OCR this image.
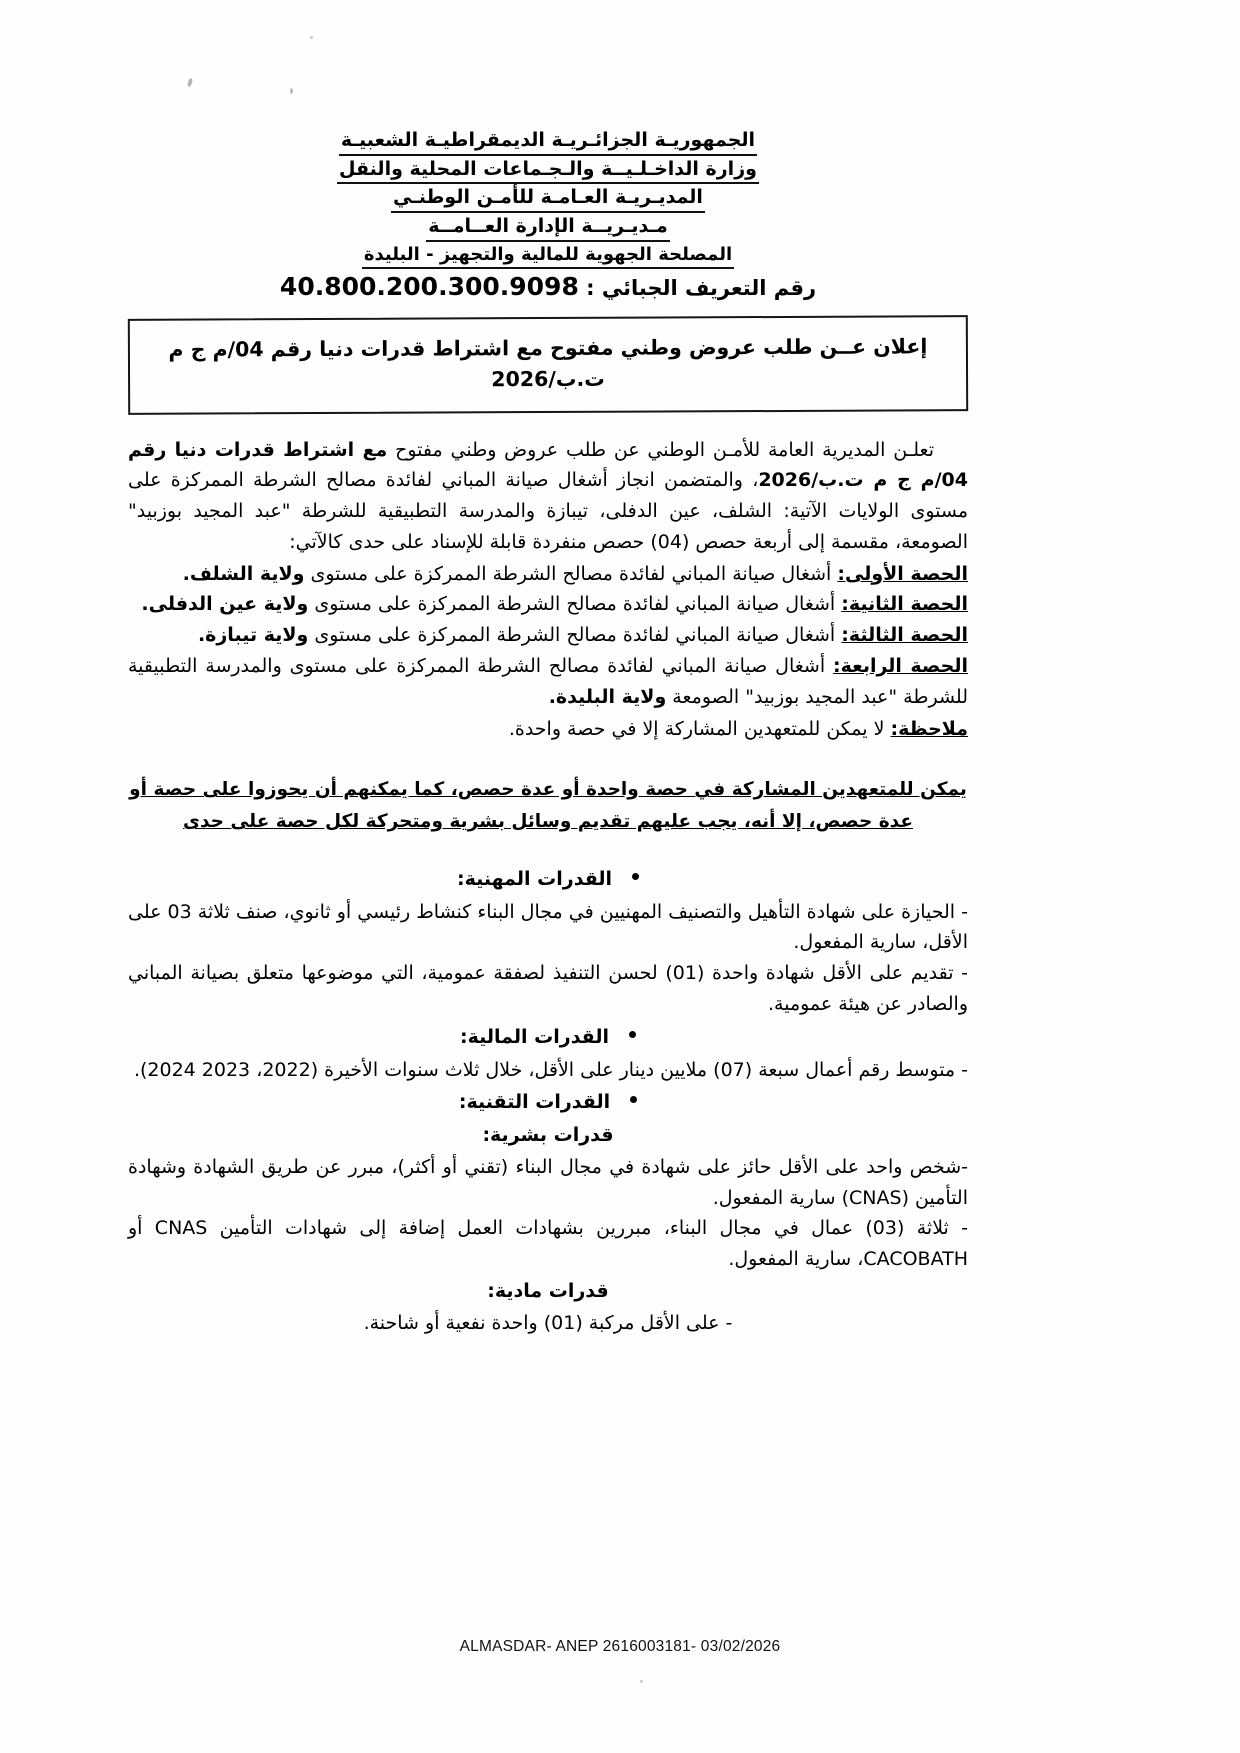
الجمهوريـة الجزائـريـة الديمقراطيـة الشعبيـة
وزارة الداخـلـيــة والـجـماعات المحلية والنقل
المديـريـة العـامـة للأمـن الوطنـي
مـديـريــة الإدارة العــامــة
المصلحة الجهوية للمالية والتجهيز - البليدة
رقم التعريف الجبائي : 40.800.200.300.9098
إعلان عــن طلب عروض وطني مفتوح مع اشتراط قدرات دنيا رقم 04/م ج م ت.ب/2026

تعلـن المديرية العامة للأمـن الوطني عن طلب عروض وطني مفتوح مع اشتراط قدرات دنيا رقم 04/م ج م ت.ب/2026، والمتضمن انجاز أشغال صيانة المباني لفائدة مصالح الشرطة الممركزة على مستوى الولايات الآتية: الشلف، عين الدفلى، تيبازة والمدرسة التطبيقية للشرطة "عبد المجيد بوزبيد" الصومعة، مقسمة إلى أربعة حصص (04) حصص منفردة قابلة للإسناد على حدى كالآتي:

الحصة الأولى: أشغال صيانة المباني لفائدة مصالح الشرطة الممركزة على مستوى ولاية الشلف.

الحصة الثانية: أشغال صيانة المباني لفائدة مصالح الشرطة الممركزة على مستوى ولاية عين الدفلى.

الحصة الثالثة: أشغال صيانة المباني لفائدة مصالح الشرطة الممركزة على مستوى ولاية تيبازة.

الحصة الرابعة: أشغال صيانة المباني لفائدة مصالح الشرطة الممركزة على مستوى والمدرسة التطبيقية للشرطة "عبد المجيد بوزبيد" الصومعة ولاية البليدة.

ملاحظة: لا يمكن للمتعهدين المشاركة إلا في حصة واحدة.

يمكن للمتعهدين المشاركة في حصة واحدة أو عدة حصص، كما يمكنهم أن يحوزوا على حصة أو عدة حصص، إلا أنه، يجب عليهم تقديم وسائل بشرية ومتحركة لكل حصة على حدى

القدرات المهنية:

- الحيازة على شهادة التأهيل والتصنيف المهنيين في مجال البناء كنشاط رئيسي أو ثانوي، صنف ثلاثة 03 على الأقل، سارية المفعول.

- تقديم على الأقل شهادة واحدة (01) لحسن التنفيذ لصفقة عمومية، التي موضوعها متعلق بصيانة المباني والصادر عن هيئة عمومية.

القدرات المالية:

- متوسط رقم أعمال سبعة (07) ملايين دينار على الأقل، خلال ثلاث سنوات الأخيرة (2022، 2023 2024).

القدرات التقنية:

قدرات بشرية:

-شخص واحد على الأقل حائز على شهادة في مجال البناء (تقني أو أكثر)، مبرر عن طريق الشهادة وشهادة التأمين (CNAS) سارية المفعول.

- ثلاثة (03) عمال في مجال البناء، مبررين بشهادات العمل إضافة إلى شهادات التأمين CNAS أو CACOBATH، سارية المفعول.

قدرات مادية:

- على الأقل مركبة (01) واحدة نفعية أو شاحنة.

ALMASDAR- ANEP 2616003181- 03/02/2026
